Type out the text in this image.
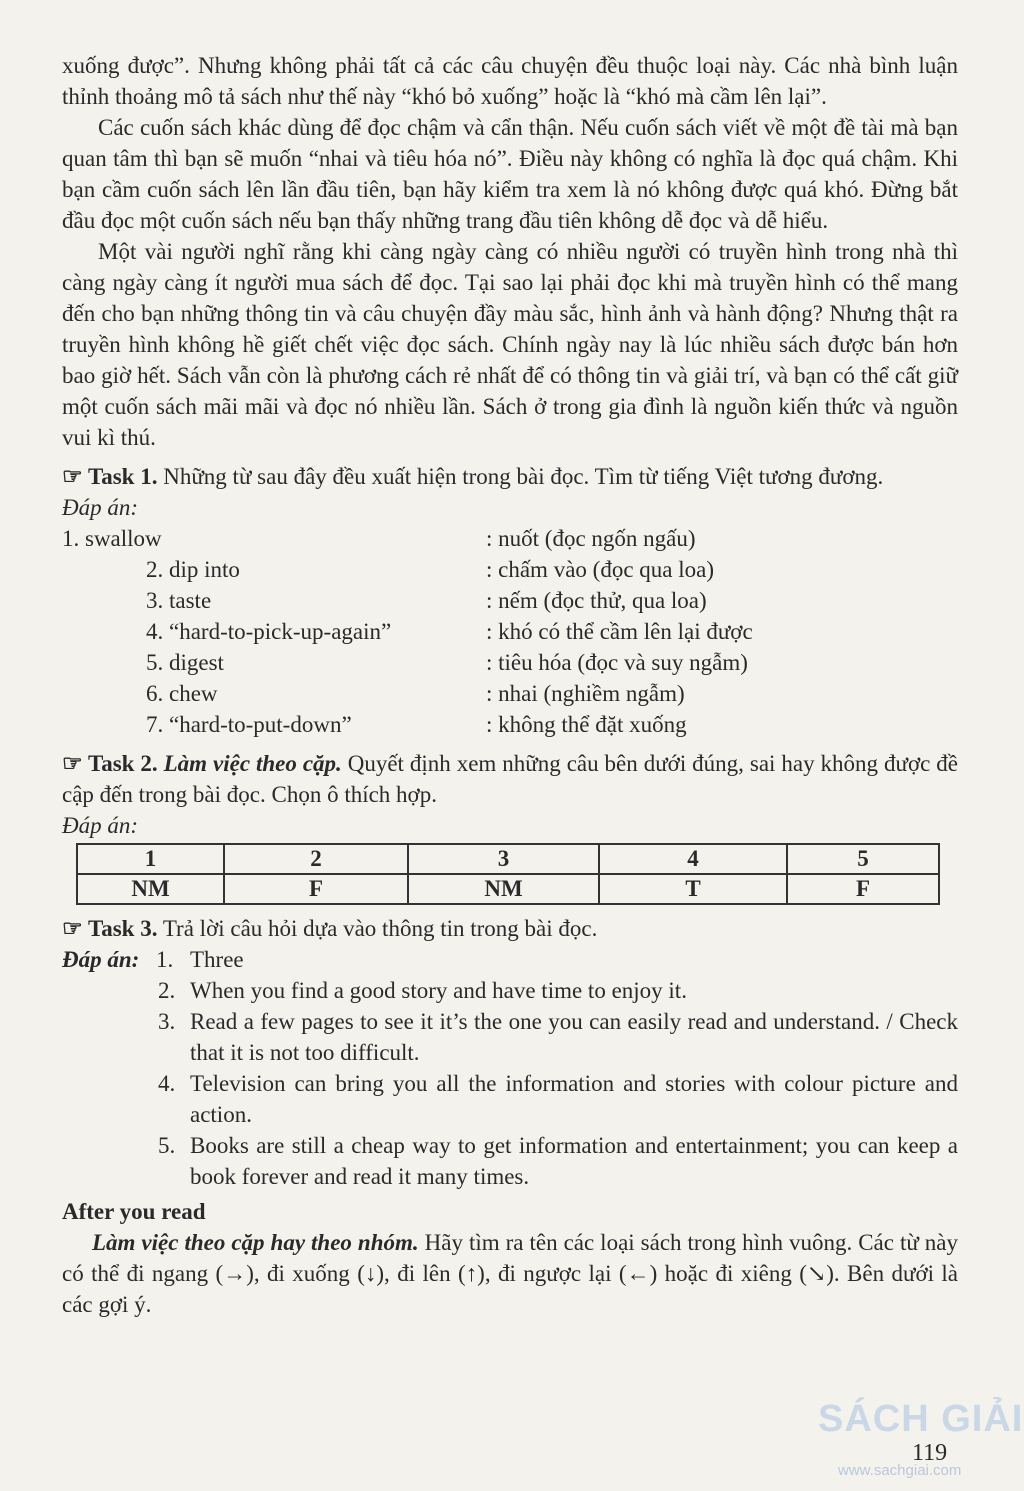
xuống được”. Nhưng không phải tất cả các câu chuyện đều thuộc loại này. Các nhà bình luận thỉnh thoảng mô tả sách như thế này “khó bỏ xuống” hoặc là “khó mà cầm lên lại”.

Các cuốn sách khác dùng để đọc chậm và cẩn thận. Nếu cuốn sách viết về một đề tài mà bạn quan tâm thì bạn sẽ muốn “nhai và tiêu hóa nó”. Điều này không có nghĩa là đọc quá chậm. Khi bạn cầm cuốn sách lên lần đầu tiên, bạn hãy kiểm tra xem là nó không được quá khó. Đừng bắt đầu đọc một cuốn sách nếu bạn thấy những trang đầu tiên không dễ đọc và dễ hiểu.

Một vài người nghĩ rằng khi càng ngày càng có nhiều người có truyền hình trong nhà thì càng ngày càng ít người mua sách để đọc. Tại sao lại phải đọc khi mà truyền hình có thể mang đến cho bạn những thông tin và câu chuyện đầy màu sắc, hình ảnh và hành động? Nhưng thật ra truyền hình không hề giết chết việc đọc sách. Chính ngày nay là lúc nhiều sách được bán hơn bao giờ hết. Sách vẫn còn là phương cách rẻ nhất để có thông tin và giải trí, và bạn có thể cất giữ một cuốn sách mãi mãi và đọc nó nhiều lần. Sách ở trong gia đình là nguồn kiến thức và nguồn vui kì thú.

☞ Task 1. Những từ sau đây đều xuất hiện trong bài đọc. Tìm từ tiếng Việt tương đương.

Đáp án:
1. swallow	: nuốt (đọc ngốn ngấu)
2. dip into	: chấm vào (đọc qua loa)
3. taste	: nếm (đọc thử, qua loa)
4. “hard-to-pick-up-again”	: khó có thể cầm lên lại được
5. digest	: tiêu hóa (đọc và suy ngẫm)
6. chew	: nhai (nghiềm ngẫm)
7. “hard-to-put-down”	: không thể đặt xuống

☞ Task 2. Làm việc theo cặp. Quyết định xem những câu bên dưới đúng, sai hay không được đề cập đến trong bài đọc. Chọn ô thích hợp.

Đáp án:

1	2	3	4	5
NM	F	NM	T	F

☞ Task 3. Trả lời câu hỏi dựa vào thông tin trong bài đọc.

Đáp án: 1. Three
2. When you find a good story and have time to enjoy it.
3. Read a few pages to see it it’s the one you can easily read and understand. / Check that it is not too difficult.
4. Television can bring you all the information and stories with colour picture and action.
5. Books are still a cheap way to get information and entertainment; you can keep a book forever and read it many times.

After you read

Làm việc theo cặp hay theo nhóm. Hãy tìm ra tên các loại sách trong hình vuông. Các từ này có thể đi ngang (→), đi xuống (↓), đi lên (↑), đi ngược lại (←) hoặc đi xiêng (↘). Bên dưới là các gợi ý.

SÁCH GIẢI
119
www.sachgiai.com
